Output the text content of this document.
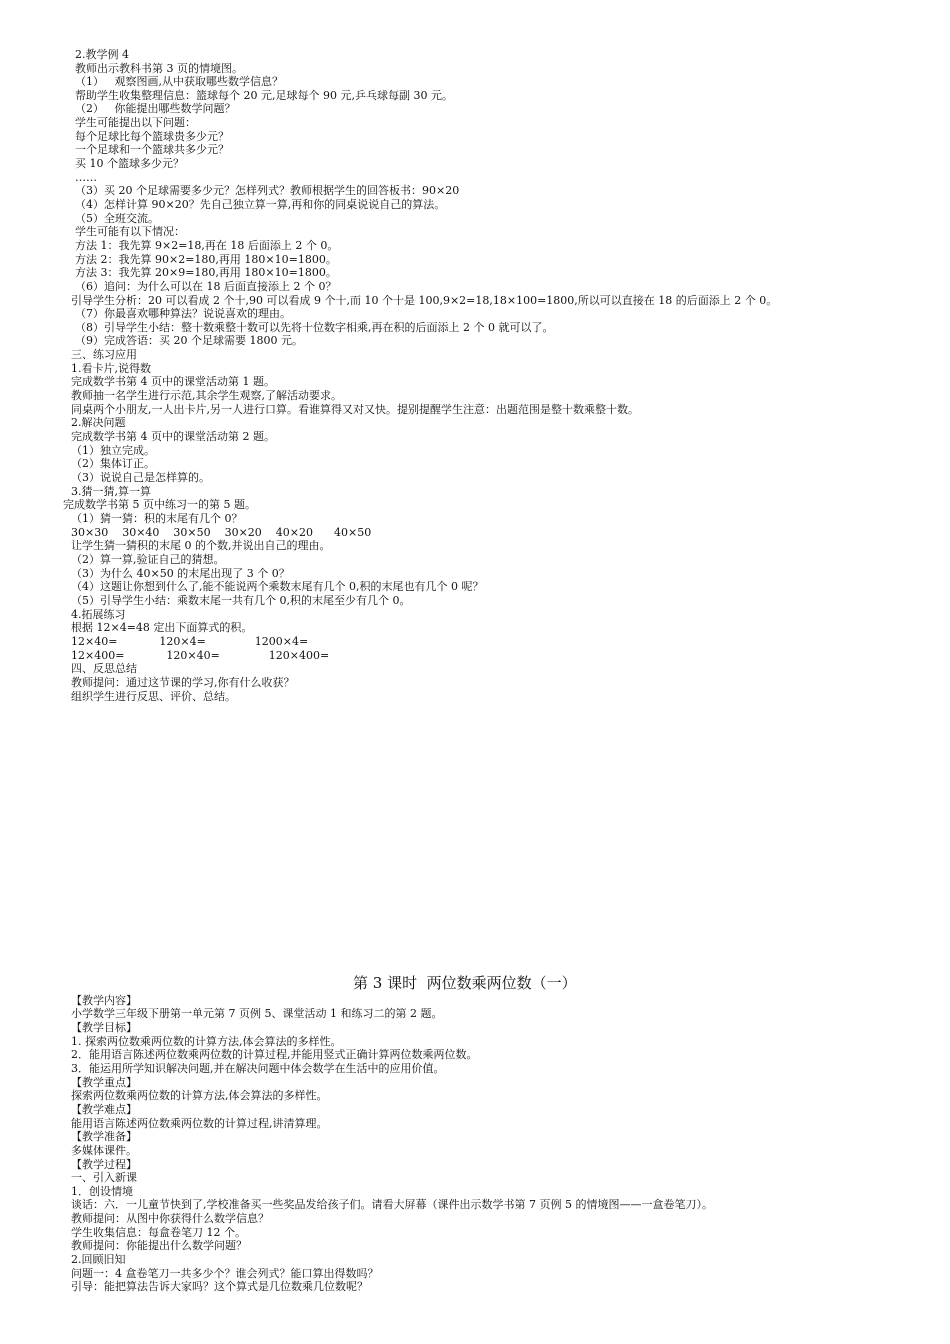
2.教学例 4
教师出示教科书第 3 页的情境图。
（1）   观察图画,从中获取哪些数学信息？
帮助学生收集整理信息：篮球每个 20 元,足球每个 90 元,乒乓球每副 30 元。
（2）   你能提出哪些数学问题？
学生可能提出以下问题：
每个足球比每个篮球贵多少元？
一个足球和一个篮球共多少元？
买 10 个篮球多少元？
……
（3）买 20 个足球需要多少元？怎样列式？教师根据学生的回答板书：90×20
（4）怎样计算 90×20？先自己独立算一算,再和你的同桌说说自己的算法。
（5）全班交流。
学生可能有以下情况：
方法 1：我先算 9×2=18,再在 18 后面添上 2 个 0。
方法 2：我先算 90×2=180,再用 180×10=1800。
方法 3：我先算 20×9=180,再用 180×10=1800。
（6）追问：为什么可以在 18 后面直接添上 2 个 0？
引导学生分析：20 可以看成 2 个十,90 可以看成 9 个十,而 10 个十是 100,9×2=18,18×100=1800,所以可以直接在 18 的后面添上 2 个 0。
（7）你最喜欢哪种算法？说说喜欢的理由。
（8）引导学生小结：整十数乘整十数可以先将十位数字相乘,再在积的后面添上 2 个 0 就可以了。
（9）完成答语：买 20 个足球需要 1800 元。
三、练习应用
1.看卡片,说得数
完成数学书第 4 页中的课堂活动第 1 题。
教师抽一名学生进行示范,其余学生观察,了解活动要求。
同桌两个小朋友,一人出卡片,另一人进行口算。看谁算得又对又快。提别提醒学生注意：出题范围是整十数乘整十数。
2.解决问题
完成数学书第 4 页中的课堂活动第 2 题。
（1）独立完成。
（2）集体订正。
（3）说说自己是怎样算的。
3.猜一猜,算一算
完成数学书第 5 页中练习一的第 5 题。
（1）猜一猜：积的末尾有几个 0？
30×30    30×40    30×50    30×20    40×20      40×50
让学生猜一猜积的末尾 0 的个数,并说出自己的理由。
（2）算一算,验证自己的猜想。
（3）为什么 40×50 的末尾出现了 3 个 0？
（4）这题让你想到什么了,能不能说两个乘数末尾有几个 0,积的末尾也有几个 0 呢？
（5）引导学生小结：乘数末尾一共有几个 0,积的末尾至少有几个 0。
4.拓展练习
根据 12×4=48 定出下面算式的积。
12×40=            120×4=              1200×4=
12×400=            120×40=              120×400=
四、反思总结
教师提问：通过这节课的学习,你有什么收获？
组织学生进行反思、评价、总结。
第 3 课时  两位数乘两位数（一）
【教学内容】
小学数学三年级下册第一单元第 7 页例 5、课堂活动 1 和练习二的第 2 题。
【教学目标】
1. 探索两位数乘两位数的计算方法,体会算法的多样性。
2．能用语言陈述两位数乘两位数的计算过程,并能用竖式正确计算两位数乘两位数。
3．能运用所学知识解决问题,并在解决问题中体会数学在生活中的应用价值。
【教学重点】
探索两位数乘两位数的计算方法,体会算法的多样性。
【教学难点】
能用语言陈述两位数乘两位数的计算过程,讲清算理。
【教学准备】
多媒体课件。
【教学过程】
一、引入新课
1．创设情境
谈话：六．一儿童节快到了,学校准备买一些奖品发给孩子们。请看大屏幕（课件出示数学书第 7 页例 5 的情境图——一盒卷笔刀）。
教师提问：从图中你获得什么数学信息？
学生收集信息：每盒卷笔刀 12 个。
教师提问：你能提出什么数学问题？
2.回顾旧知
问题一：4 盒卷笔刀一共多少个？谁会列式？能口算出得数吗？
引导：能把算法告诉大家吗？这个算式是几位数乘几位数呢？
